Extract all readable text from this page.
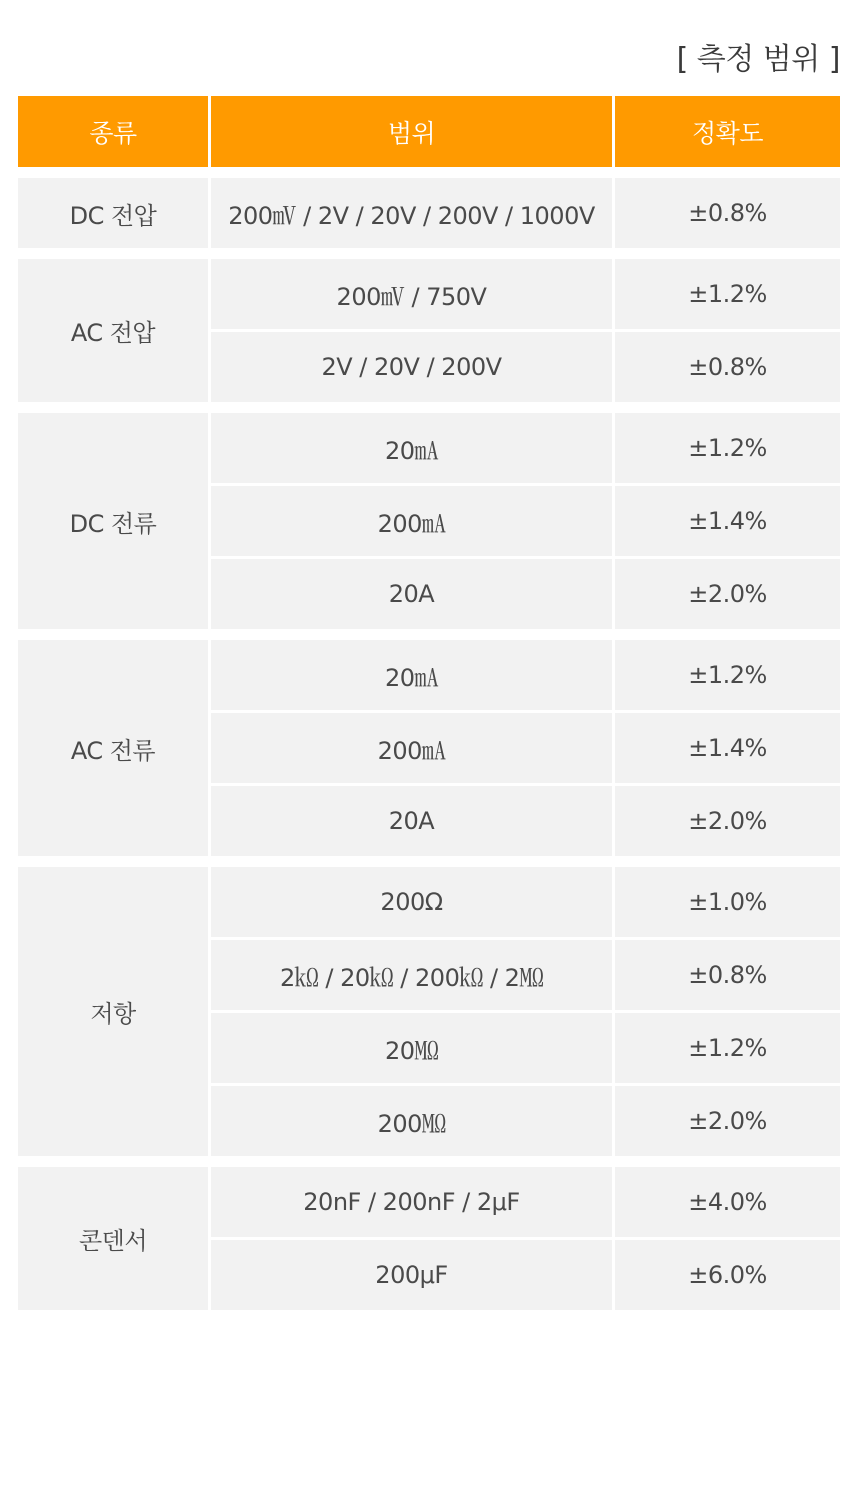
[ 측정 범위 ]
종류	범위	정확도
DC 전압	200㎷ / 2V / 20V / 200V / 1000V	±0.8%
AC 전압
200㎷ / 750V	±1.2%
2V / 20V / 200V	±0.8%
DC 전류
20㎃	±1.2%
200㎃	±1.4%
20A	±2.0%
AC 전류
20㎃	±1.2%
200㎃	±1.4%
20A	±2.0%
저항
200Ω	±1.0%
2㏀ / 20㏀ / 200㏀ / 2㏁	±0.8%
20㏁	±1.2%
200㏁	±2.0%
콘덴서
20nF / 200nF / 2μF	±4.0%
200μF	±6.0%
